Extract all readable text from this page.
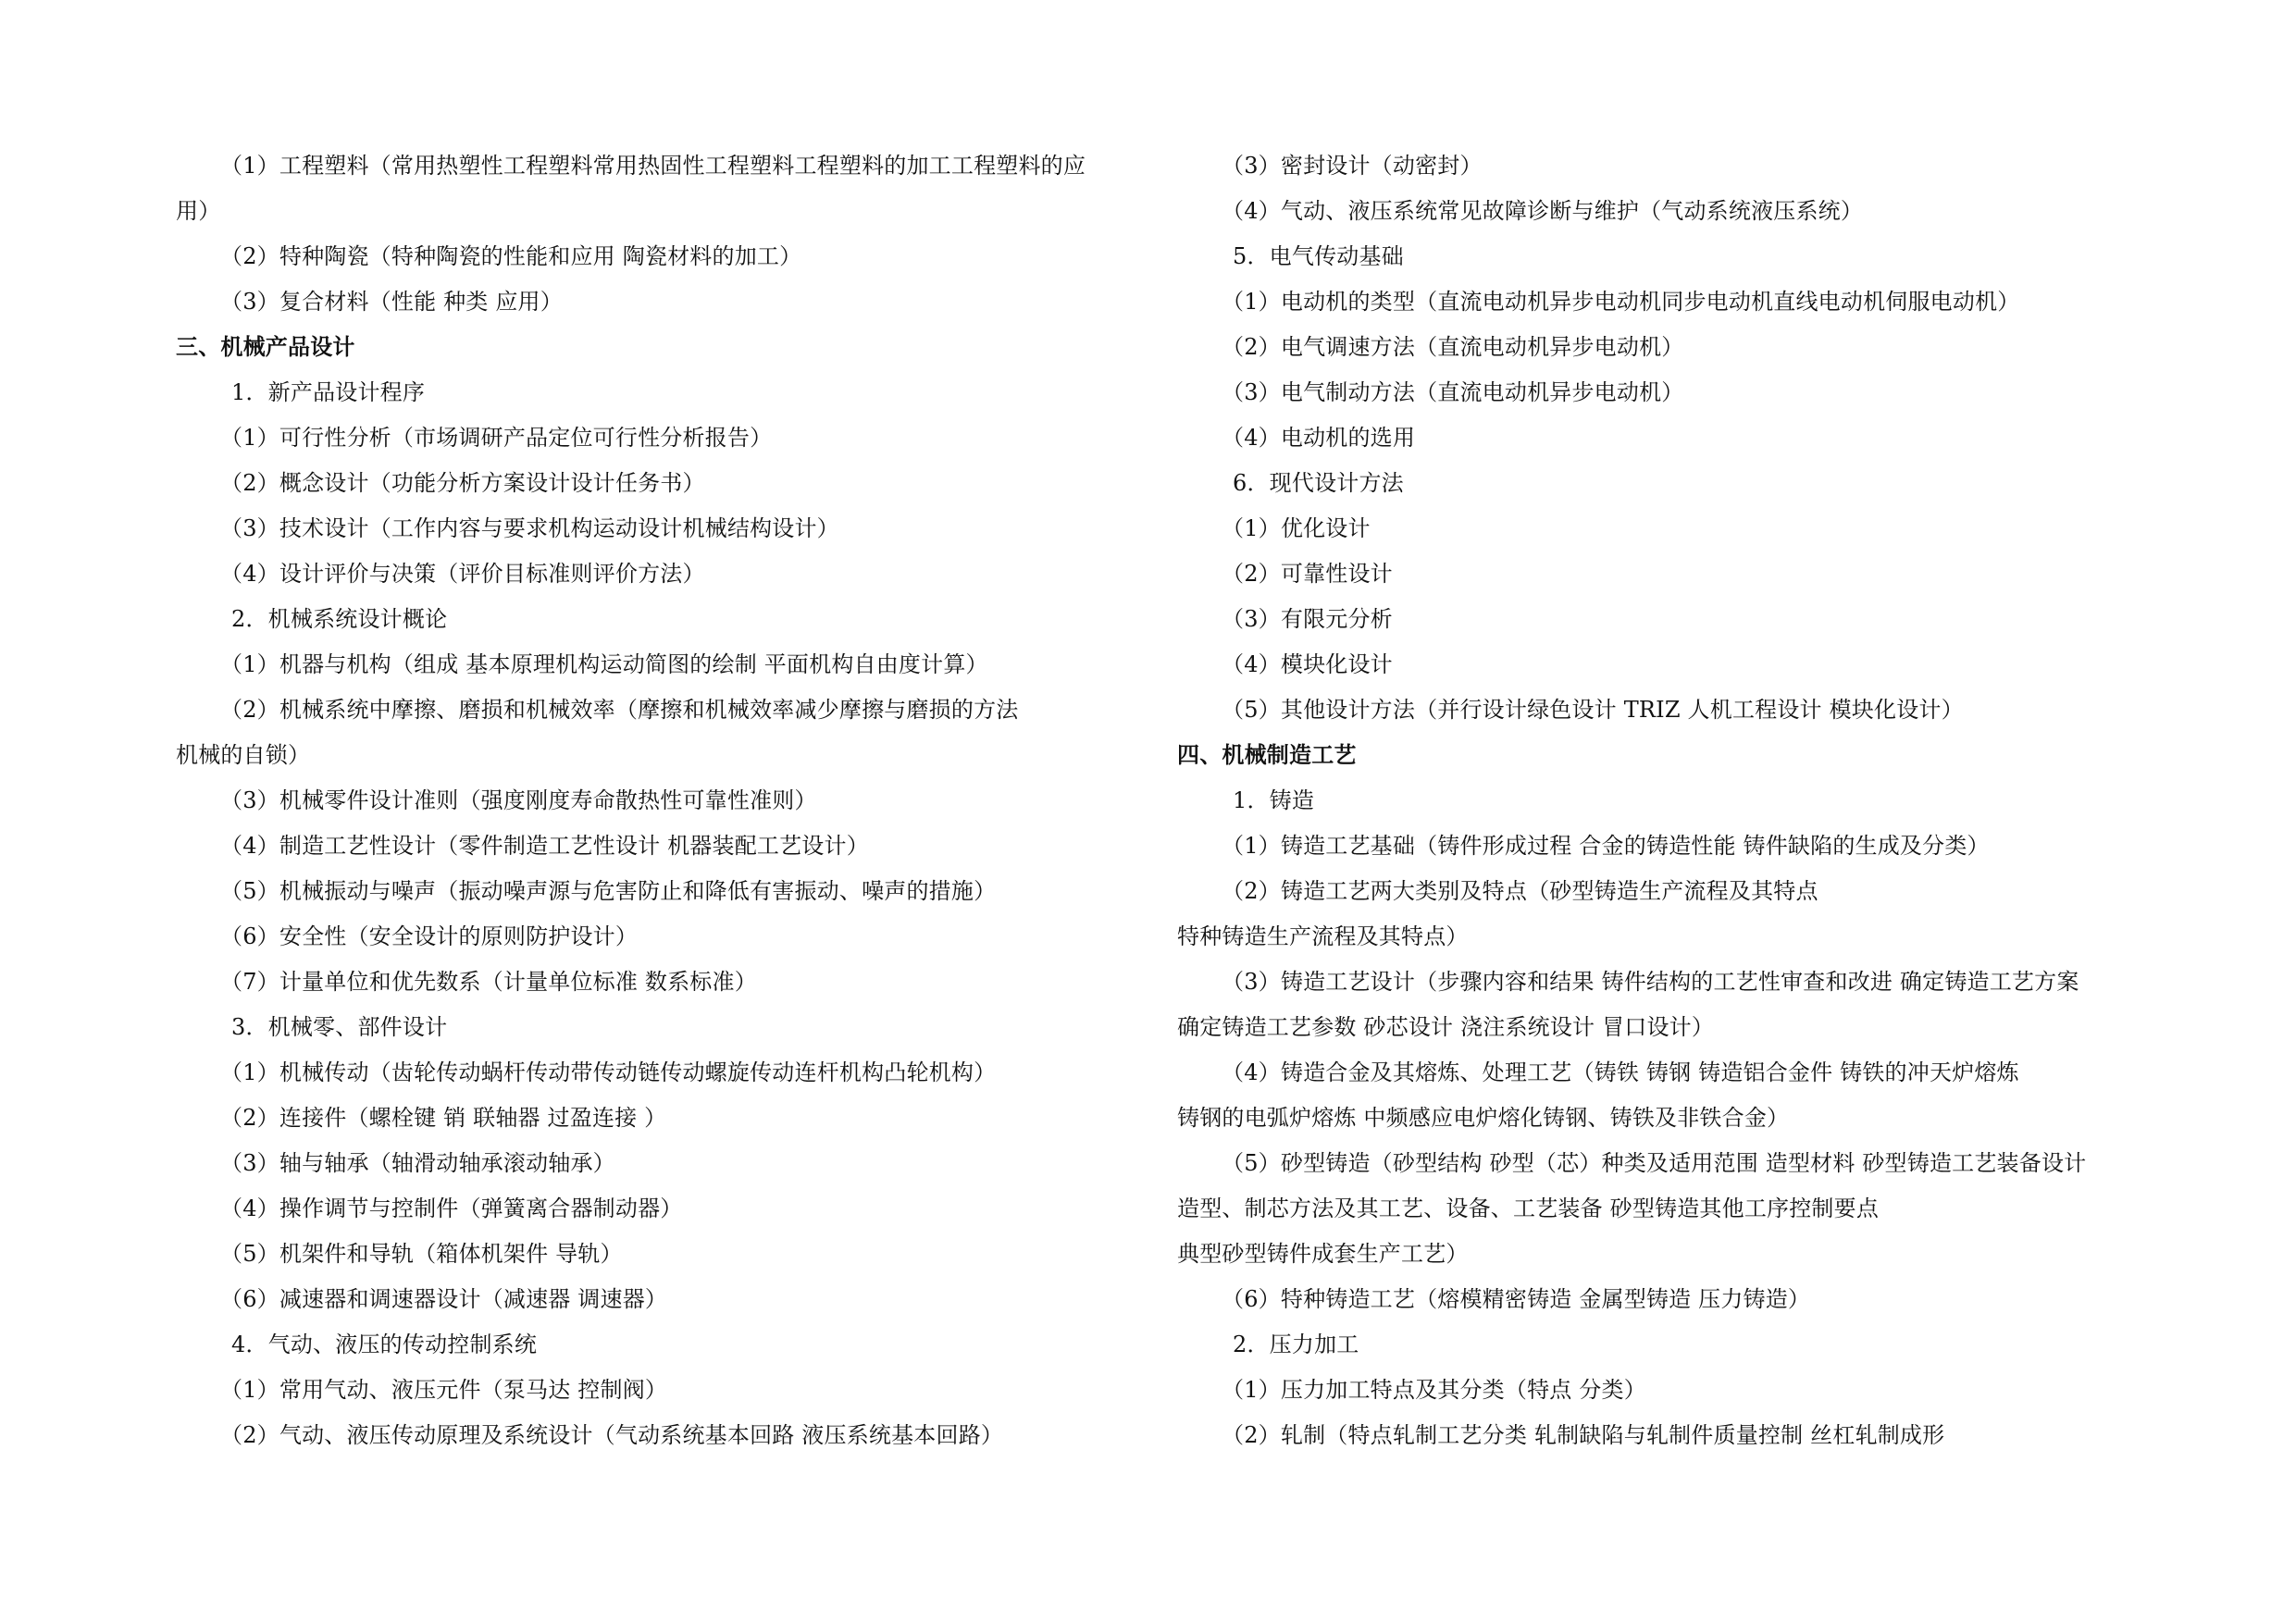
（1）工程塑料（常用热塑性工程塑料常用热固性工程塑料工程塑料的加工工程塑料的应
用）
（2）特种陶瓷（特种陶瓷的性能和应用 陶瓷材料的加工）
（3）复合材料（性能 种类 应用）
三、机械产品设计
1．新产品设计程序
（1）可行性分析（市场调研产品定位可行性分析报告）
（2）概念设计（功能分析方案设计设计任务书）
（3）技术设计（工作内容与要求机构运动设计机械结构设计）
（4）设计评价与决策（评价目标准则评价方法）
2．机械系统设计概论
（1）机器与机构（组成 基本原理机构运动简图的绘制 平面机构自由度计算）
（2）机械系统中摩擦、磨损和机械效率（摩擦和机械效率减少摩擦与磨损的方法
机械的自锁）
（3）机械零件设计准则（强度刚度寿命散热性可靠性准则）
（4）制造工艺性设计（零件制造工艺性设计 机器装配工艺设计）
（5）机械振动与噪声（振动噪声源与危害防止和降低有害振动、噪声的措施）
（6）安全性（安全设计的原则防护设计）
（7）计量单位和优先数系（计量单位标准 数系标准）
3．机械零、部件设计
（1）机械传动（齿轮传动蜗杆传动带传动链传动螺旋传动连杆机构凸轮机构）
（2）连接件（螺栓键 销 联轴器 过盈连接 ）
（3）轴与轴承（轴滑动轴承滚动轴承）
（4）操作调节与控制件（弹簧离合器制动器）
（5）机架件和导轨（箱体机架件 导轨）
（6）减速器和调速器设计（减速器 调速器）
4．气动、液压的传动控制系统
（1）常用气动、液压元件（泵马达 控制阀）
（2）气动、液压传动原理及系统设计（气动系统基本回路 液压系统基本回路）
（3）密封设计（动密封）
（4）气动、液压系统常见故障诊断与维护（气动系统液压系统）
5．电气传动基础
（1）电动机的类型（直流电动机异步电动机同步电动机直线电动机伺服电动机）
（2）电气调速方法（直流电动机异步电动机）
（3）电气制动方法（直流电动机异步电动机）
（4）电动机的选用
6．现代设计方法
（1）优化设计
（2）可靠性设计
（3）有限元分析
（4）模块化设计
（5）其他设计方法（并行设计绿色设计 TRIZ 人机工程设计 模块化设计）
四、机械制造工艺
1．铸造
（1）铸造工艺基础（铸件形成过程 合金的铸造性能 铸件缺陷的生成及分类）
（2）铸造工艺两大类别及特点（砂型铸造生产流程及其特点
特种铸造生产流程及其特点）
（3）铸造工艺设计（步骤内容和结果 铸件结构的工艺性审查和改进 确定铸造工艺方案
确定铸造工艺参数 砂芯设计 浇注系统设计 冒口设计）
（4）铸造合金及其熔炼、处理工艺（铸铁 铸钢 铸造铝合金件 铸铁的冲天炉熔炼
铸钢的电弧炉熔炼 中频感应电炉熔化铸钢、铸铁及非铁合金）
（5）砂型铸造（砂型结构 砂型（芯）种类及适用范围 造型材料 砂型铸造工艺装备设计
造型、制芯方法及其工艺、设备、工艺装备 砂型铸造其他工序控制要点
典型砂型铸件成套生产工艺）
（6）特种铸造工艺（熔模精密铸造 金属型铸造 压力铸造）
2．压力加工
（1）压力加工特点及其分类（特点 分类）
（2）轧制（特点轧制工艺分类 轧制缺陷与轧制件质量控制 丝杠轧制成形
